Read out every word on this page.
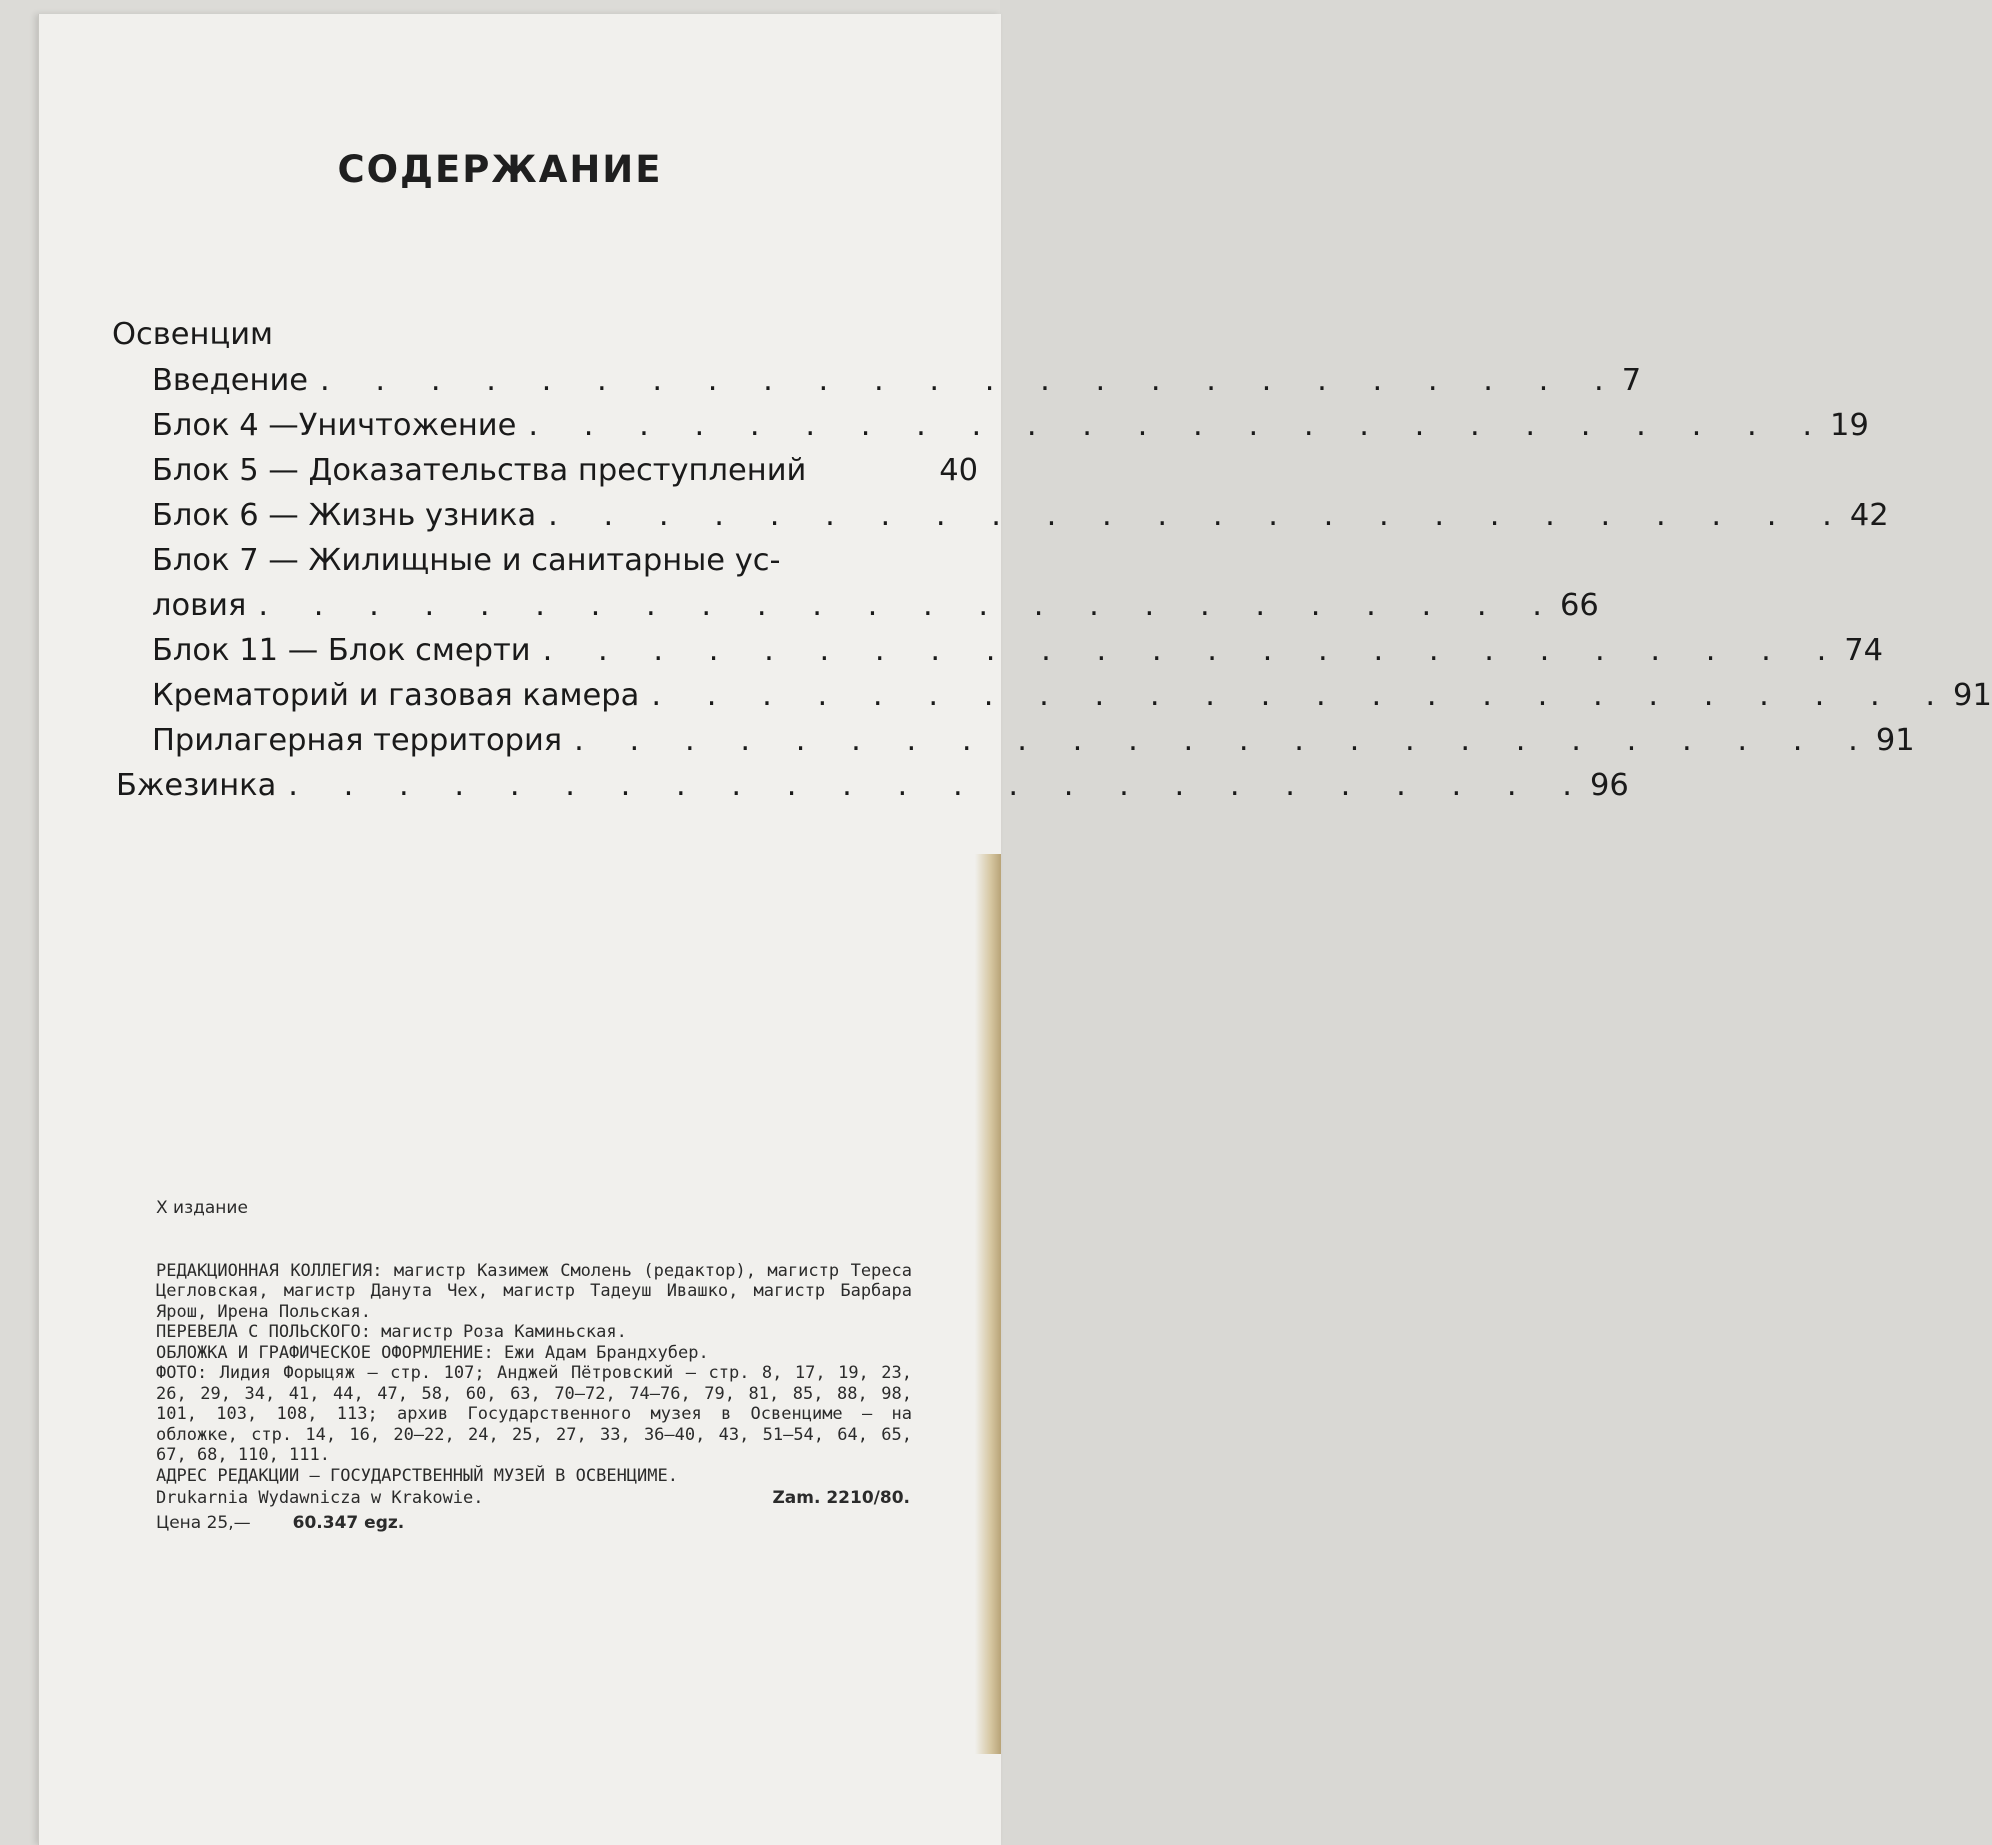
СОДЕРЖАНИЕ
Освенцим
Введение . . . . . . . . . . . . . . . . . . . . . . . . 7
Блок 4 —Уничтожение . . . . . . . . . . . . . . . . . . . . . . . . 19
Блок 5 — Доказательства преступлений	40
Блок 6 — Жизнь узника . . . . . . . . . . . . . . . . . . . . . . . . 42
Блок 7 — Жилищные и санитарные ус-
ловия . . . . . . . . . . . . . . . . . . . . . . . . 66
Блок 11 — Блок смерти . . . . . . . . . . . . . . . . . . . . . . . . 74
Крематорий и газовая камера . . . . . . . . . . . . . . . . . . . . . . . . 91
Прилагерная территория . . . . . . . . . . . . . . . . . . . . . . . . 91
Бжезинка . . . . . . . . . . . . . . . . . . . . . . . . 96
X издание

РЕДАКЦИОННАЯ КОЛЛЕГИЯ: магистр Казимеж Смолень (редактор), магистр Тереса Цегловская, магистр Данута Чех, магистр Тадеуш Ивашко, магистр Барбара Ярош, Ирена Польская.

ПЕРЕВЕЛА С ПОЛЬСКОГО: магистр Роза Каминьская.

ОБЛОЖКА И ГРАФИЧЕСКОЕ ОФОРМЛЕНИЕ: Ежи Адам Брандхубер.

ФОТО: Лидия Форыцяж — стр. 107; Анджей Пётровский — стр. 8, 17, 19, 23, 26, 29, 34, 41, 44, 47, 58, 60, 63, 70—72, 74—76, 79, 81, 85, 88, 98, 101, 103, 108, 113; архив Государственного музея в Освенциме — на обложке, стр. 14, 16, 20—22, 24, 25, 27, 33, 36—40, 43, 51—54, 64, 65, 67, 68, 110, 111.

АДРЕС РЕДАКЦИИ — ГОСУДАРСТВЕННЫЙ МУЗЕЙ В ОСВЕНЦИМЕ.

Drukarnia Wydawnicza w Krakowie.	Zam. 2210/80.
Цена 25,— 60.347 egz.
